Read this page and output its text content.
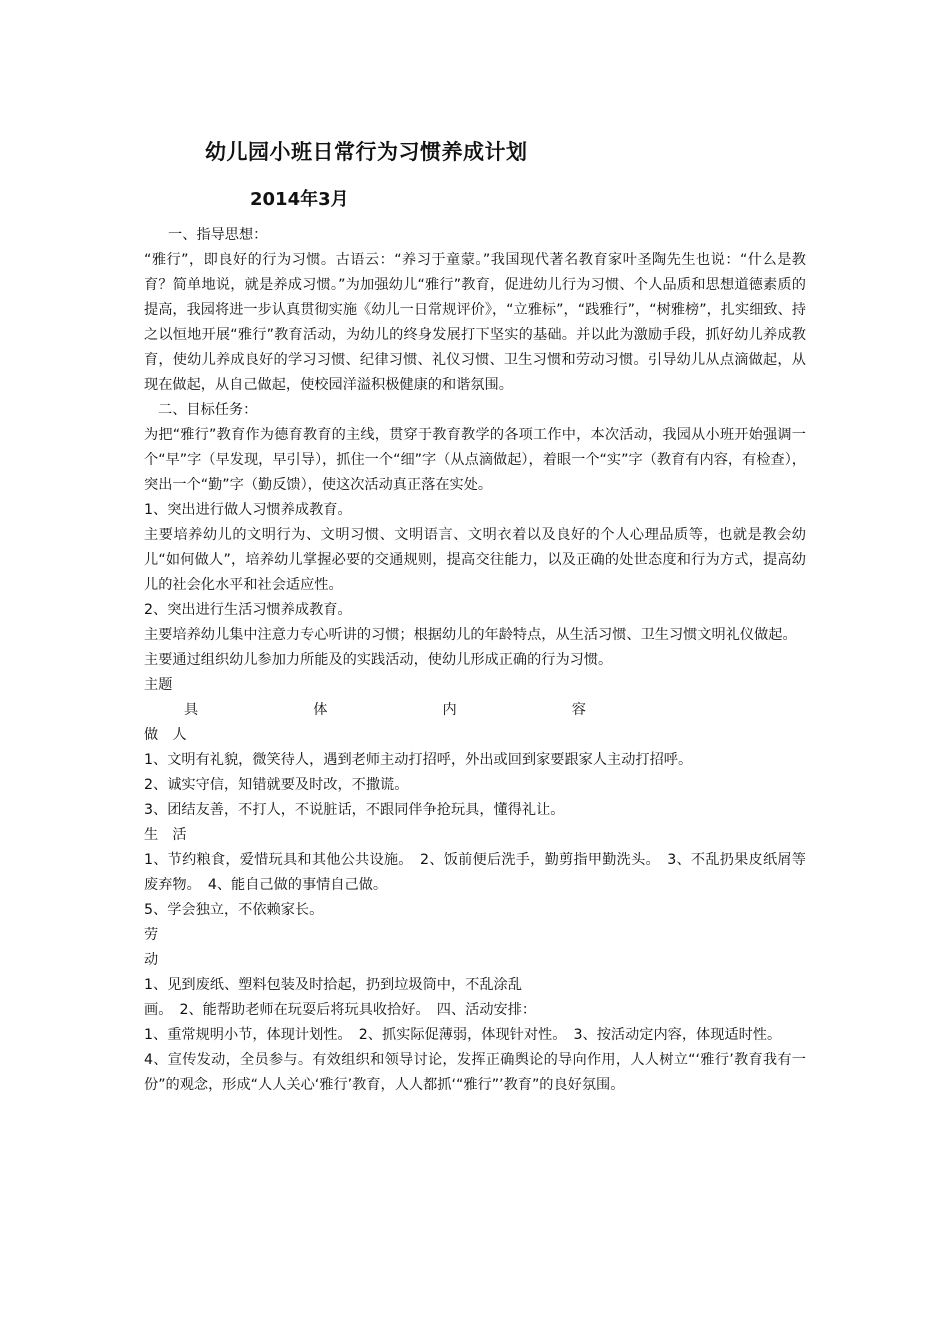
幼儿园小班日常行为习惯养成计划
2014年3月

一、指导思想：

“雅行”，即良好的行为习惯。古语云：“养习于童蒙。”我国现代著名教育家叶圣陶先生也说：“什么是教育？简单地说，就是养成习惯。”为加强幼儿“雅行”教育，促进幼儿行为习惯、个人品质和思想道德素质的提高，我园将进一步认真贯彻实施《幼儿一日常规评价》，“立雅标”，“践雅行”，“树雅榜”，扎实细致、持之以恒地开展“雅行”教育活动，为幼儿的终身发展打下坚实的基础。并以此为激励手段，抓好幼儿养成教育，使幼儿养成良好的学习习惯、纪律习惯、礼仪习惯、卫生习惯和劳动习惯。引导幼儿从点滴做起，从现在做起，从自己做起，使校园洋溢积极健康的和谐氛围。

二、目标任务：

为把“雅行”教育作为德育教育的主线，贯穿于教育教学的各项工作中，本次活动，我园从小班开始强调一个“早”字（早发现，早引导），抓住一个“细”字（从点滴做起），着眼一个“实”字（教育有内容，有检查），突出一个“勤”字（勤反馈），使这次活动真正落在实处。

1、突出进行做人习惯养成教育。

主要培养幼儿的文明行为、文明习惯、文明语言、文明衣着以及良好的个人心理品质等，也就是教会幼儿“如何做人”，培养幼儿掌握必要的交通规则，提高交往能力，以及正确的处世态度和行为方式，提高幼儿的社会化水平和社会适应性。

2、突出进行生活习惯养成教育。

主要培养幼儿集中注意力专心听讲的习惯；根据幼儿的年龄特点，从生活习惯、卫生习惯文明礼仪做起。

主要通过组织幼儿参加力所能及的实践活动，使幼儿形成正确的行为习惯。

主题

具	体	内	容

做　人

1、文明有礼貌，微笑待人，遇到老师主动打招呼，外出或回到家要跟家人主动打招呼。

2、诚实守信，知错就要及时改，不撒谎。

3、团结友善，不打人，不说脏话，不跟同伴争抢玩具，懂得礼让。

生　活

1、节约粮食，爱惜玩具和其他公共设施。　2、饭前便后洗手，勤剪指甲勤洗头。　3、不乱扔果皮纸屑等废弃物。　4、能自己做的事情自己做。

5、学会独立，不依赖家长。

劳

动

1、见到废纸、塑料包装及时拾起，扔到垃圾筒中，不乱涂乱

画。　2、能帮助老师在玩耍后将玩具收拾好。　四、活动安排：

1、重常规明小节，体现计划性。　2、抓实际促薄弱，体现针对性。　3、按活动定内容，体现适时性。

4、宣传发动，全员参与。有效组织和领导讨论，发挥正确舆论的导向作用，人人树立“‘雅行’教育我有一份”的观念，形成“人人关心‘雅行’教育，人人都抓‘“雅行”’教育”的良好氛围。
